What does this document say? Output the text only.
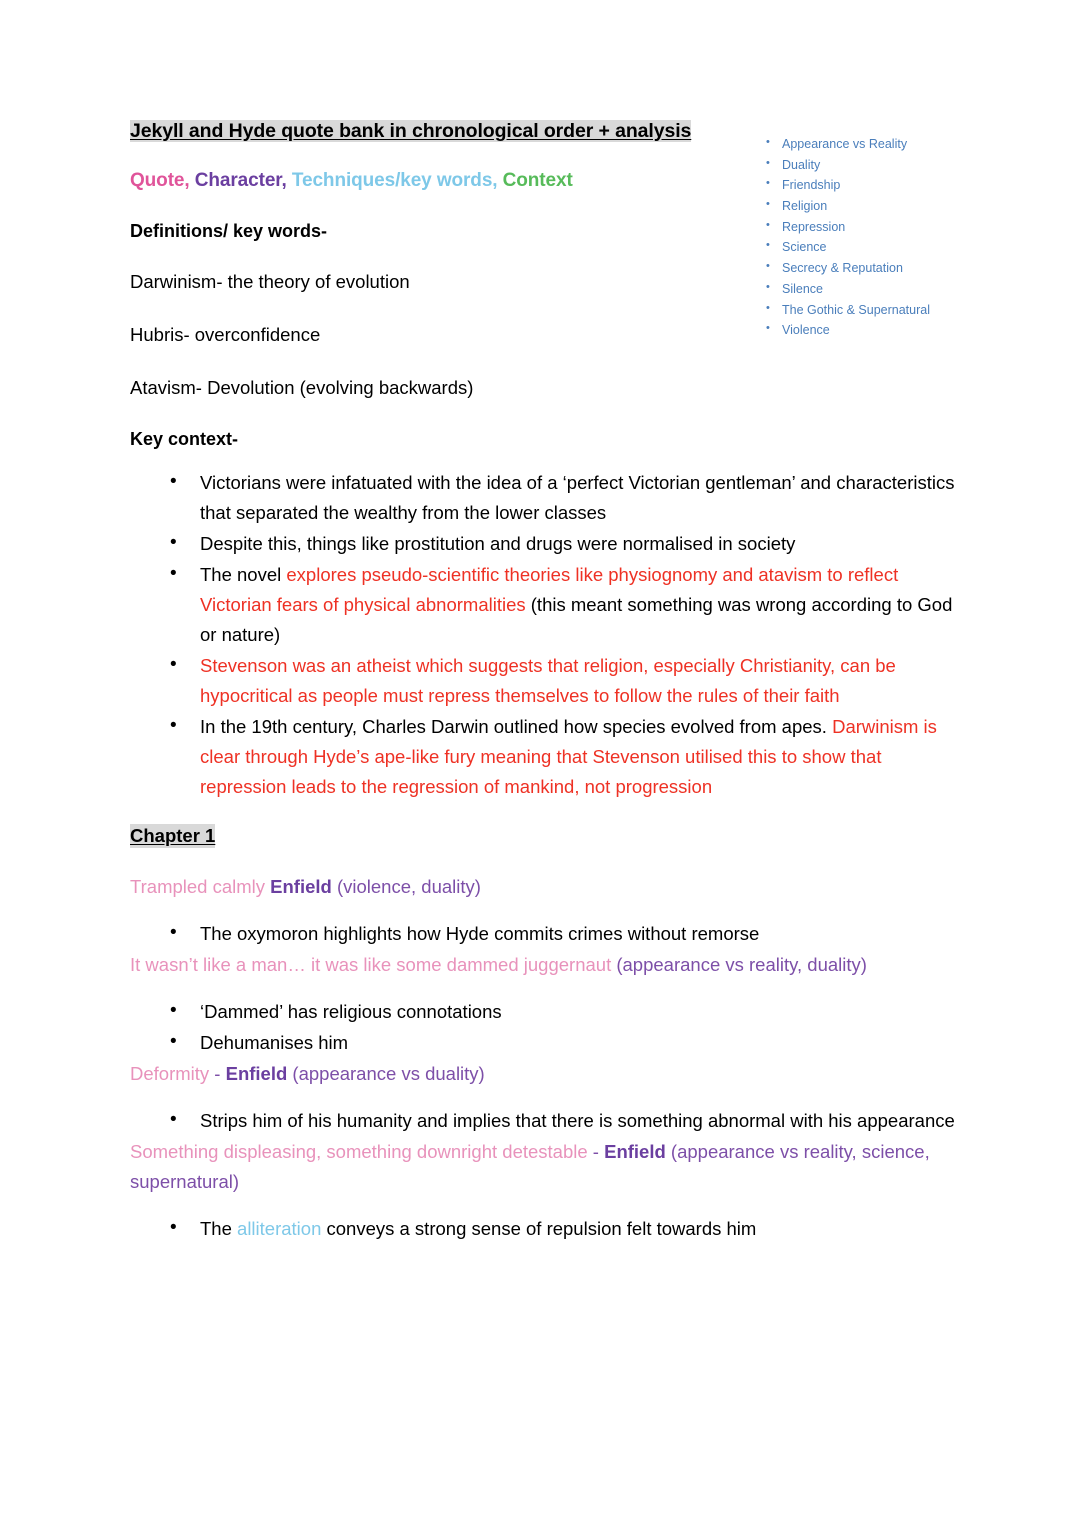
Jekyll and Hyde quote bank in chronological order + analysis
Quote, Character, Techniques/key words, Context
Definitions/ key words-
Darwinism- the theory of evolution
Hubris- overconfidence
Atavism- Devolution (evolving backwards)
Key context-
• Victorians were infatuated with the idea of a ‘perfect Victorian gentleman’ and characteristics that separated the wealthy from the lower classes
• Despite this, things like prostitution and drugs were normalised in society
• The novel explores pseudo-scientific theories like physiognomy and atavism to reflect Victorian fears of physical abnormalities (this meant something was wrong according to God or nature)
• Stevenson was an atheist which suggests that religion, especially Christianity, can be hypocritical as people must repress themselves to follow the rules of their faith
• In the 19th century, Charles Darwin outlined how species evolved from apes. Darwinism is clear through Hyde’s ape-like fury meaning that Stevenson utilised this to show that repression leads to the regression of mankind, not progression
Chapter 1
Trampled calmly Enfield (violence, duality)
• The oxymoron highlights how Hyde commits crimes without remorse
It wasn’t like a man… it was like some dammed juggernaut (appearance vs reality, duality)
• ‘Dammed’ has religious connotations
• Dehumanises him
Deformity - Enfield (appearance vs duality)
• Strips him of his humanity and implies that there is something abnormal with his appearance
Something displeasing, something downright detestable - Enfield (appearance vs reality, science, supernatural)
• The alliteration conveys a strong sense of repulsion felt towards him
• Appearance vs Reality
• Duality
• Friendship
• Religion
• Repression
• Science
• Secrecy & Reputation
• Silence
• The Gothic & Supernatural
• Violence
